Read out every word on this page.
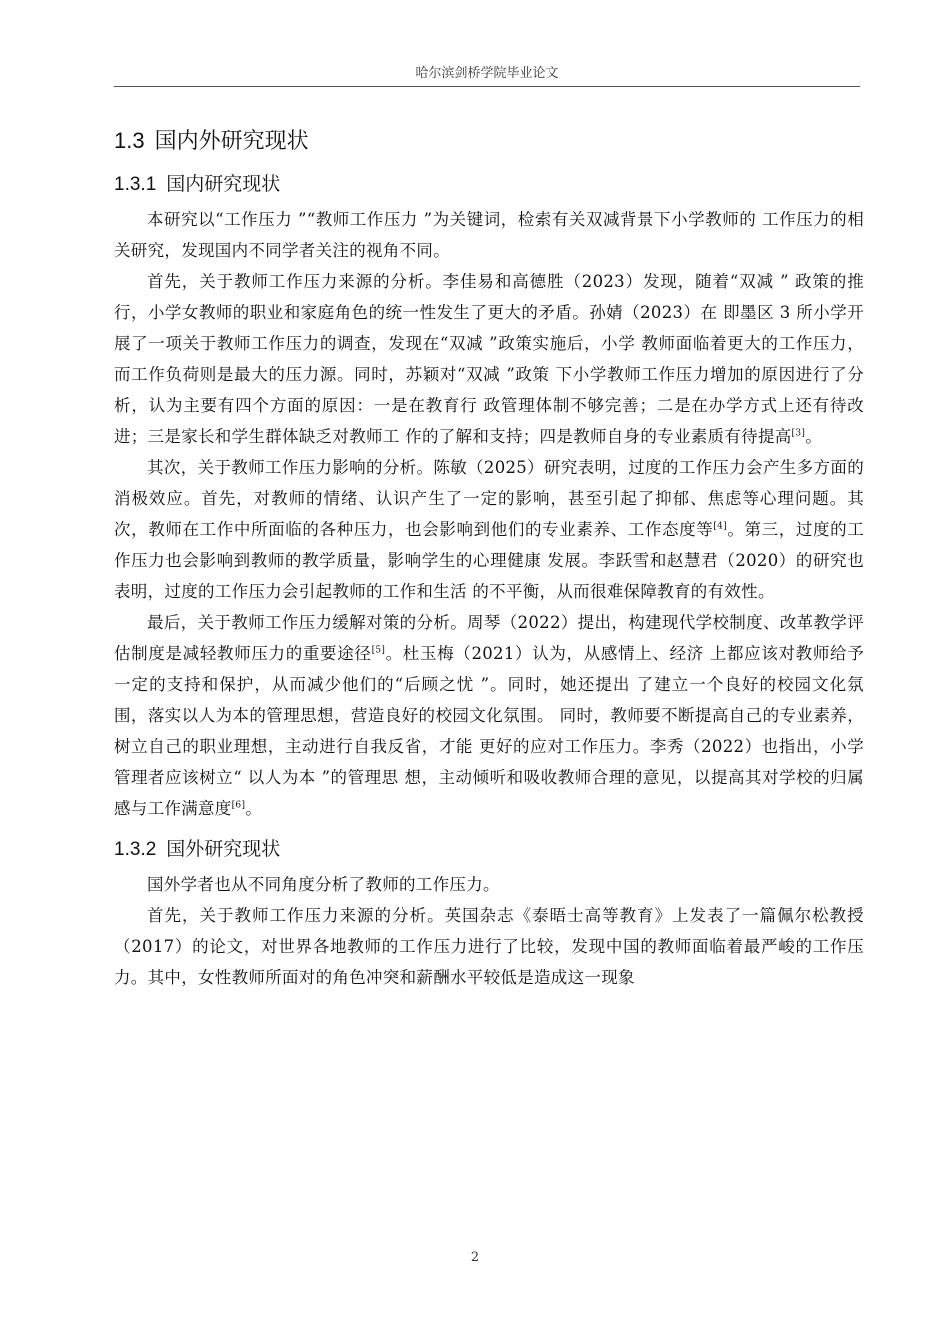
哈尔滨剑桥学院毕业论文
1.3 国内外研究现状
1.3.1 国内研究现状

本研究以“工作压力 ”“教师工作压力 ”为关键词，检索有关双减背景下小学教师的 工作压力的相关研究，发现国内不同学者关注的视角不同。

首先，关于教师工作压力来源的分析。李佳易和高德胜（2023）发现，随着“双减 ” 政策的推行，小学女教师的职业和家庭角色的统一性发生了更大的矛盾。孙婧（2023）在 即墨区 3 所小学开展了一项关于教师工作压力的调查，发现在“双减 ”政策实施后，小学 教师面临着更大的工作压力，而工作负荷则是最大的压力源。同时，苏颖对“双减 ”政策 下小学教师工作压力增加的原因进行了分析，认为主要有四个方面的原因：一是在教育行 政管理体制不够完善；二是在办学方式上还有待改进；三是家长和学生群体缺乏对教师工 作的了解和支持；四是教师自身的专业素质有待提高[3]。

其次，关于教师工作压力影响的分析。陈敏（2025）研究表明，过度的工作压力会产生多方面的消极效应。首先，对教师的情绪、认识产生了一定的影响，甚至引起了抑郁、焦虑等心理问题。其次，教师在工作中所面临的各种压力，也会影响到他们的专业素养、工作态度等[4]。第三，过度的工作压力也会影响到教师的教学质量，影响学生的心理健康 发展。李跃雪和赵慧君（2020）的研究也表明，过度的工作压力会引起教师的工作和生活 的不平衡，从而很难保障教育的有效性。

最后，关于教师工作压力缓解对策的分析。周琴（2022）提出，构建现代学校制度、改革教学评估制度是减轻教师压力的重要途径[5]。杜玉梅（2021）认为，从感情上、经济 上都应该对教师给予一定的支持和保护，从而减少他们的“后顾之忧 ”。同时，她还提出 了建立一个良好的校园文化氛围，落实以人为本的管理思想，营造良好的校园文化氛围。 同时，教师要不断提高自己的专业素养，树立自己的职业理想，主动进行自我反省，才能 更好的应对工作压力。李秀（2022）也指出，小学管理者应该树立“ 以人为本 ”的管理思 想，主动倾听和吸收教师合理的意见，以提高其对学校的归属感与工作满意度[6]。

1.3.2 国外研究现状

国外学者也从不同角度分析了教师的工作压力。

首先，关于教师工作压力来源的分析。英国杂志《泰晤士高等教育》上发表了一篇佩尔松教授（2017）的论文，对世界各地教师的工作压力进行了比较，发现中国的教师面临着最严峻的工作压力。其中，女性教师所面对的角色冲突和薪酬水平较低是造成这一现象

2
